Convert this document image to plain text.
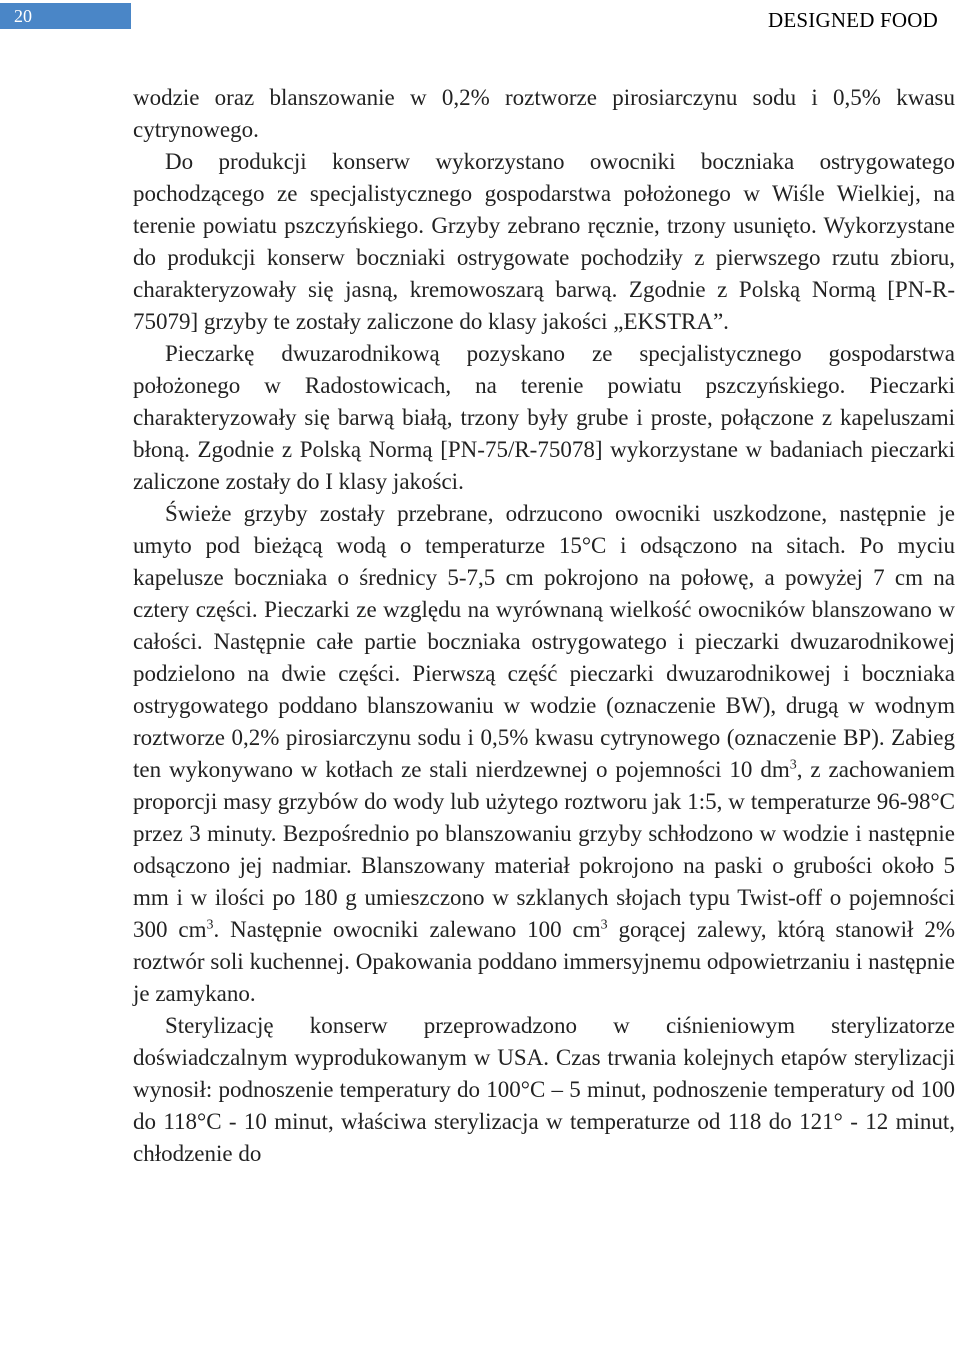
20	DESIGNED FOOD

wodzie oraz blanszowanie w 0,2% roztworze pirosiarczynu sodu i 0,5% kwasu cytrynowego.

Do produkcji konserw wykorzystano owocniki boczniaka ostrygowatego pochodzącego ze specjalistycznego gospodarstwa położonego w Wiśle Wielkiej, na terenie powiatu pszczyńskiego. Grzyby zebrano ręcznie, trzony usunięto. Wykorzystane do produkcji konserw boczniaki ostrygowate pochodziły z pierwszego rzutu zbioru, charakteryzowały się jasną, kremowoszarą barwą. Zgodnie z Polską Normą [PN-R-75079] grzyby te zostały zaliczone do klasy jakości „EKSTRA”.

Pieczarkę dwuzarodnikową pozyskano ze specjalistycznego gospodarstwa położonego w Radostowicach, na terenie powiatu pszczyńskiego. Pieczarki charakteryzowały się barwą białą, trzony były grube i proste, połączone z kapeluszami błoną. Zgodnie z Polską Normą [PN-75/R-75078] wykorzystane w badaniach pieczarki zaliczone zostały do I klasy jakości.

Świeże grzyby zostały przebrane, odrzucono owocniki uszkodzone, następnie je umyto pod bieżącą wodą o temperaturze 15°C i odsączono na sitach. Po myciu kapelusze boczniaka o średnicy 5-7,5 cm pokrojono na połowę, a powyżej 7 cm na cztery części. Pieczarki ze względu na wyrównaną wielkość owocników blanszowano w całości. Następnie całe partie boczniaka ostrygowatego i pieczarki dwuzarodnikowej podzielono na dwie części. Pierwszą część pieczarki dwuzarodnikowej i boczniaka ostrygowatego poddano blanszowaniu w wodzie (oznaczenie BW), drugą w wodnym roztworze 0,2% pirosiarczynu sodu i 0,5% kwasu cytrynowego (oznaczenie BP). Zabieg ten wykonywano w kotłach ze stali nierdzewnej o pojemności 10 $dm^3$, z zachowaniem proporcji masy grzybów do wody lub użytego roztworu jak 1:5, w temperaturze 96-98°C przez 3 minuty. Bezpośrednio po blanszowaniu grzyby schłodzono w wodzie i następnie odsączono jej nadmiar. Blanszowany materiał pokrojono na paski o grubości około 5 mm i w ilości po 180 g umieszczono w szklanych słojach typu Twist-off o pojemności 300 $cm^3$. Następnie owocniki zalewano 100 $cm^3$ gorącej zalewy, którą stanowił 2% roztwór soli kuchennej. Opakowania poddano immersyjnemu odpowietrzaniu i następnie je zamykano.

Sterylizację konserw przeprowadzono w ciśnieniowym sterylizatorze doświadczalnym wyprodukowanym w USA. Czas trwania kolejnych etapów sterylizacji wynosił: podnoszenie temperatury do 100°C – 5 minut, podnoszenie temperatury od 100 do 118°C - 10 minut, właściwa sterylizacja w temperaturze od 118 do 121° - 12 minut, chłodzenie do
